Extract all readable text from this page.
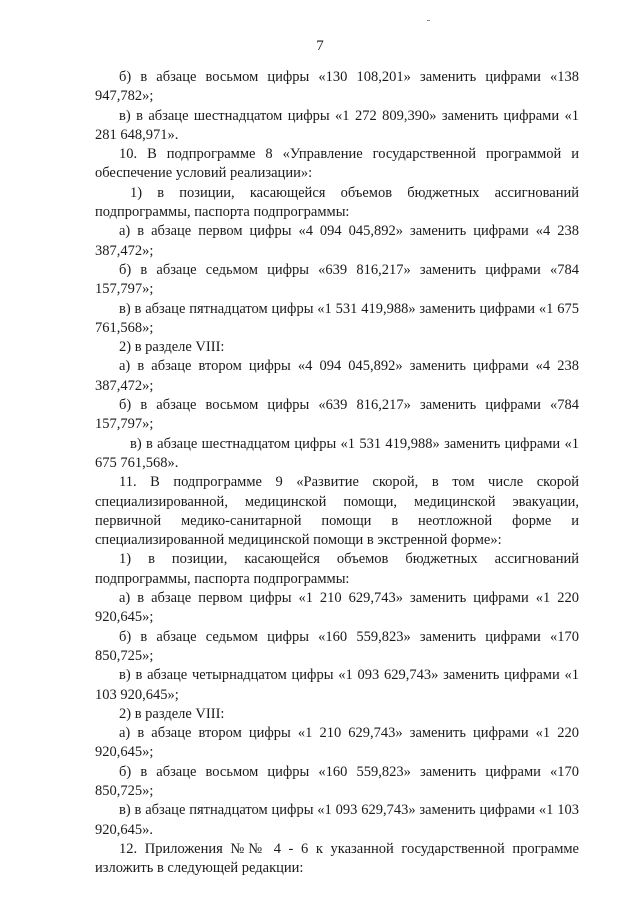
7

б) в абзаце восьмом цифры «130 108,201» заменить цифрами «138 947,782»;

в) в абзаце шестнадцатом цифры «1 272 809,390» заменить цифрами «1 281 648,971».

10. В подпрограмме 8 «Управление государственной программой и обеспечение условий реализации»:

1) в позиции, касающейся объемов бюджетных ассигнований подпрограммы, паспорта подпрограммы:

а) в абзаце первом цифры «4 094 045,892» заменить цифрами «4 238 387,472»;

б) в абзаце седьмом цифры «639 816,217» заменить цифрами «784 157,797»;

в) в абзаце пятнадцатом цифры «1 531 419,988» заменить цифрами «1 675 761,568»;

2) в разделе VIII:

а) в абзаце втором цифры «4 094 045,892» заменить цифрами «4 238 387,472»;

б) в абзаце восьмом цифры «639 816,217» заменить цифрами «784 157,797»;

в) в абзаце шестнадцатом цифры «1 531 419,988» заменить цифрами «1 675 761,568».

11. В подпрограмме 9 «Развитие скорой, в том числе скорой специализированной, медицинской помощи, медицинской эвакуации, первичной медико-санитарной помощи в неотложной форме и специализированной медицинской помощи в экстренной форме»:

1) в позиции, касающейся объемов бюджетных ассигнований подпрограммы, паспорта подпрограммы:

а) в абзаце первом цифры «1 210 629,743» заменить цифрами «1 220 920,645»;

б) в абзаце седьмом цифры «160 559,823» заменить цифрами «170 850,725»;

в) в абзаце четырнадцатом цифры «1 093 629,743» заменить цифрами «1 103 920,645»;

2) в разделе VIII:

а) в абзаце втором цифры «1 210 629,743» заменить цифрами «1 220 920,645»;

б) в абзаце восьмом цифры «160 559,823» заменить цифрами «170 850,725»;

в) в абзаце пятнадцатом цифры «1 093 629,743» заменить цифрами «1 103 920,645».

12. Приложения №№ 4 - 6 к указанной государственной программе изложить в следующей редакции:
